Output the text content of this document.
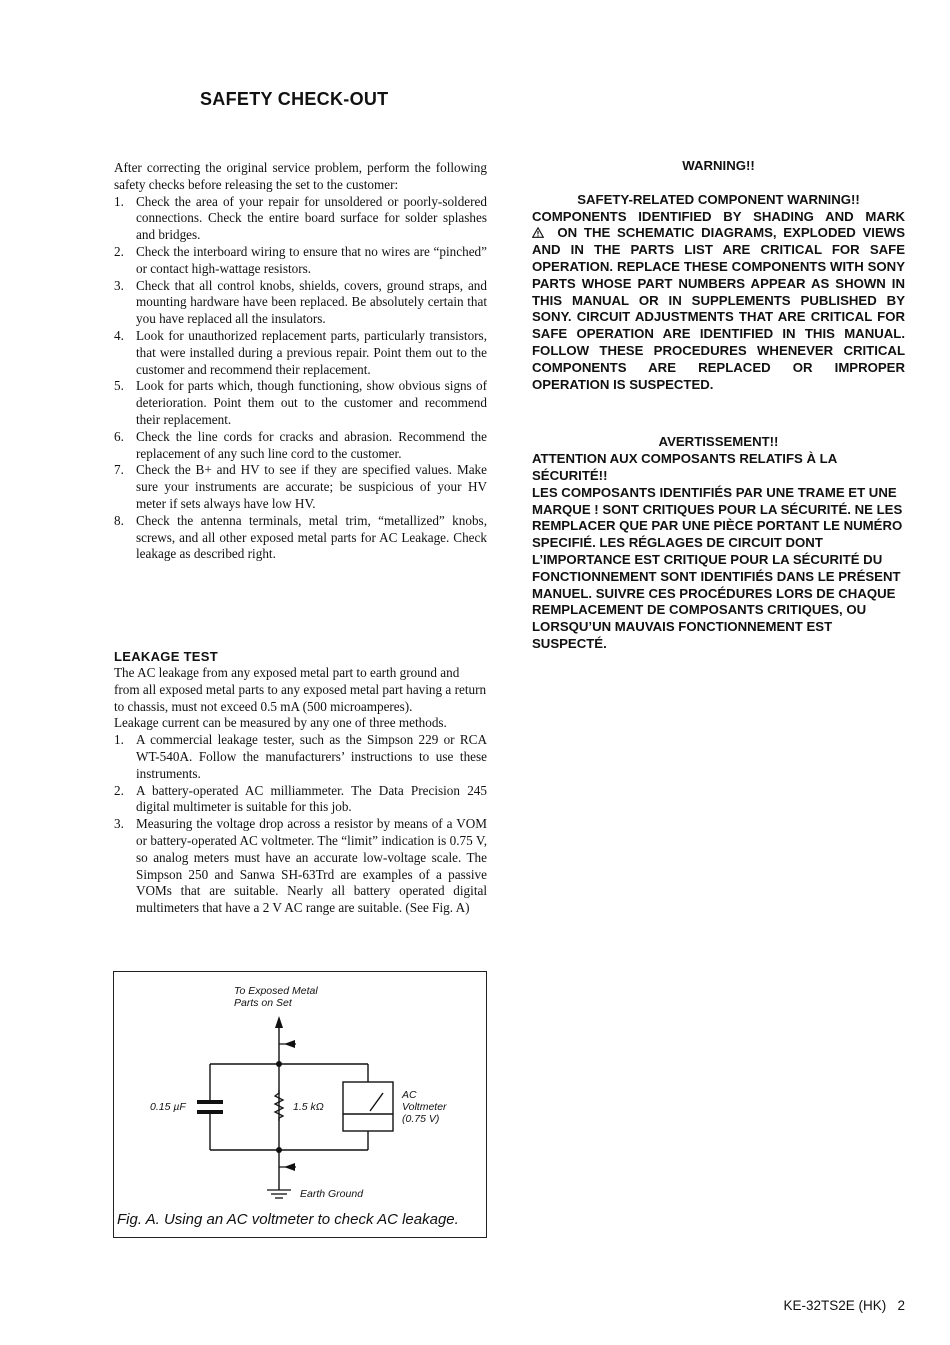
SAFETY CHECK-OUT

After correcting the original service problem, perform the following safety checks before releasing the set to the customer:

1. Check the area of your repair for unsoldered or poorly-soldered connections. Check the entire board surface for solder splashes and bridges.
2. Check the interboard wiring to ensure that no wires are “pinched” or contact high-wattage resistors.
3. Check that all control knobs, shields, covers, ground straps, and mounting hardware have been replaced. Be absolutely certain that you have replaced all the insulators.
4. Look for unauthorized replacement parts, particularly transistors, that were installed during a previous repair. Point them out to the customer and recommend their replacement.
5. Look for parts which, though functioning, show obvious signs of deterioration. Point them out to the customer and recommend their replacement.
6. Check the line cords for cracks and abrasion. Recommend the replacement of any such line cord to the customer.
7. Check the B+ and HV to see if they are specified values. Make sure your instruments are accurate; be suspicious of your HV meter if sets always have low HV.
8. Check the antenna terminals, metal trim, “metallized” knobs, screws, and all other exposed metal parts for AC Leakage. Check leakage as described right.
LEAKAGE TEST

The AC leakage from any exposed metal part to earth ground and from all exposed metal parts to any exposed metal part having a return to chassis, must not exceed 0.5 mA (500 microamperes).

Leakage current can be measured by any one of three methods.

1. A commercial leakage tester, such as the Simpson 229 or RCA WT-540A. Follow the manufacturers’ instructions to use these instruments.
2. A battery-operated AC milliammeter. The Data Precision 245 digital multimeter is suitable for this job.
3. Measuring the voltage drop across a resistor by means of a VOM or battery-operated AC voltmeter. The “limit” indication is 0.75 V, so analog meters must have an accurate low-voltage scale. The Simpson 250 and Sanwa SH-63Trd are examples of a passive VOMs that are suitable. Nearly all battery operated digital multimeters that have a 2 V AC range are suitable. (See Fig. A)
To Exposed Metal
Parts on Set
0.15 µF	1.5 kΩ
AC
Voltmeter
(0.75 V)
Earth Ground
Fig. A. Using an AC voltmeter to check AC leakage.

WARNING!!

SAFETY-RELATED COMPONENT WARNING!!

COMPONENTS IDENTIFIED BY SHADING AND MARK

ON THE SCHEMATIC DIAGRAMS, EXPLODED VIEWS AND IN THE PARTS LIST ARE CRITICAL FOR SAFE OPERATION. REPLACE THESE COMPONENTS WITH SONY PARTS WHOSE PART NUMBERS APPEAR AS SHOWN IN THIS MANUAL OR IN SUPPLEMENTS PUBLISHED BY SONY. CIRCUIT ADJUSTMENTS THAT ARE CRITICAL FOR SAFE OPERATION ARE IDENTIFIED IN THIS MANUAL. FOLLOW THESE PROCEDURES WHENEVER CRITICAL COMPONENTS ARE REPLACED OR IMPROPER OPERATION IS SUSPECTED.

AVERTISSEMENT!!

ATTENTION AUX COMPOSANTS RELATIFS À LA SÉCURITÉ!!

LES COMPOSANTS IDENTIFIÉS PAR UNE TRAME ET UNE MARQUE ! SONT CRITIQUES POUR LA SÉCURITÉ. NE LES REMPLACER QUE PAR UNE PIÈCE PORTANT LE NUMÉRO SPECIFIÉ. LES RÉGLAGES DE CIRCUIT DONT L’IMPORTANCE EST CRITIQUE POUR LA SÉCURITÉ DU FONCTIONNEMENT SONT IDENTIFIÉS DANS LE PRÉSENT MANUEL. SUIVRE CES PROCÉDURES LORS DE CHAQUE REMPLACEMENT DE COMPOSANTS CRITIQUES, OU LORSQU’UN MAUVAIS FONCTIONNEMENT EST SUSPECTÉ.

KE-32TS2E (HK) 2
